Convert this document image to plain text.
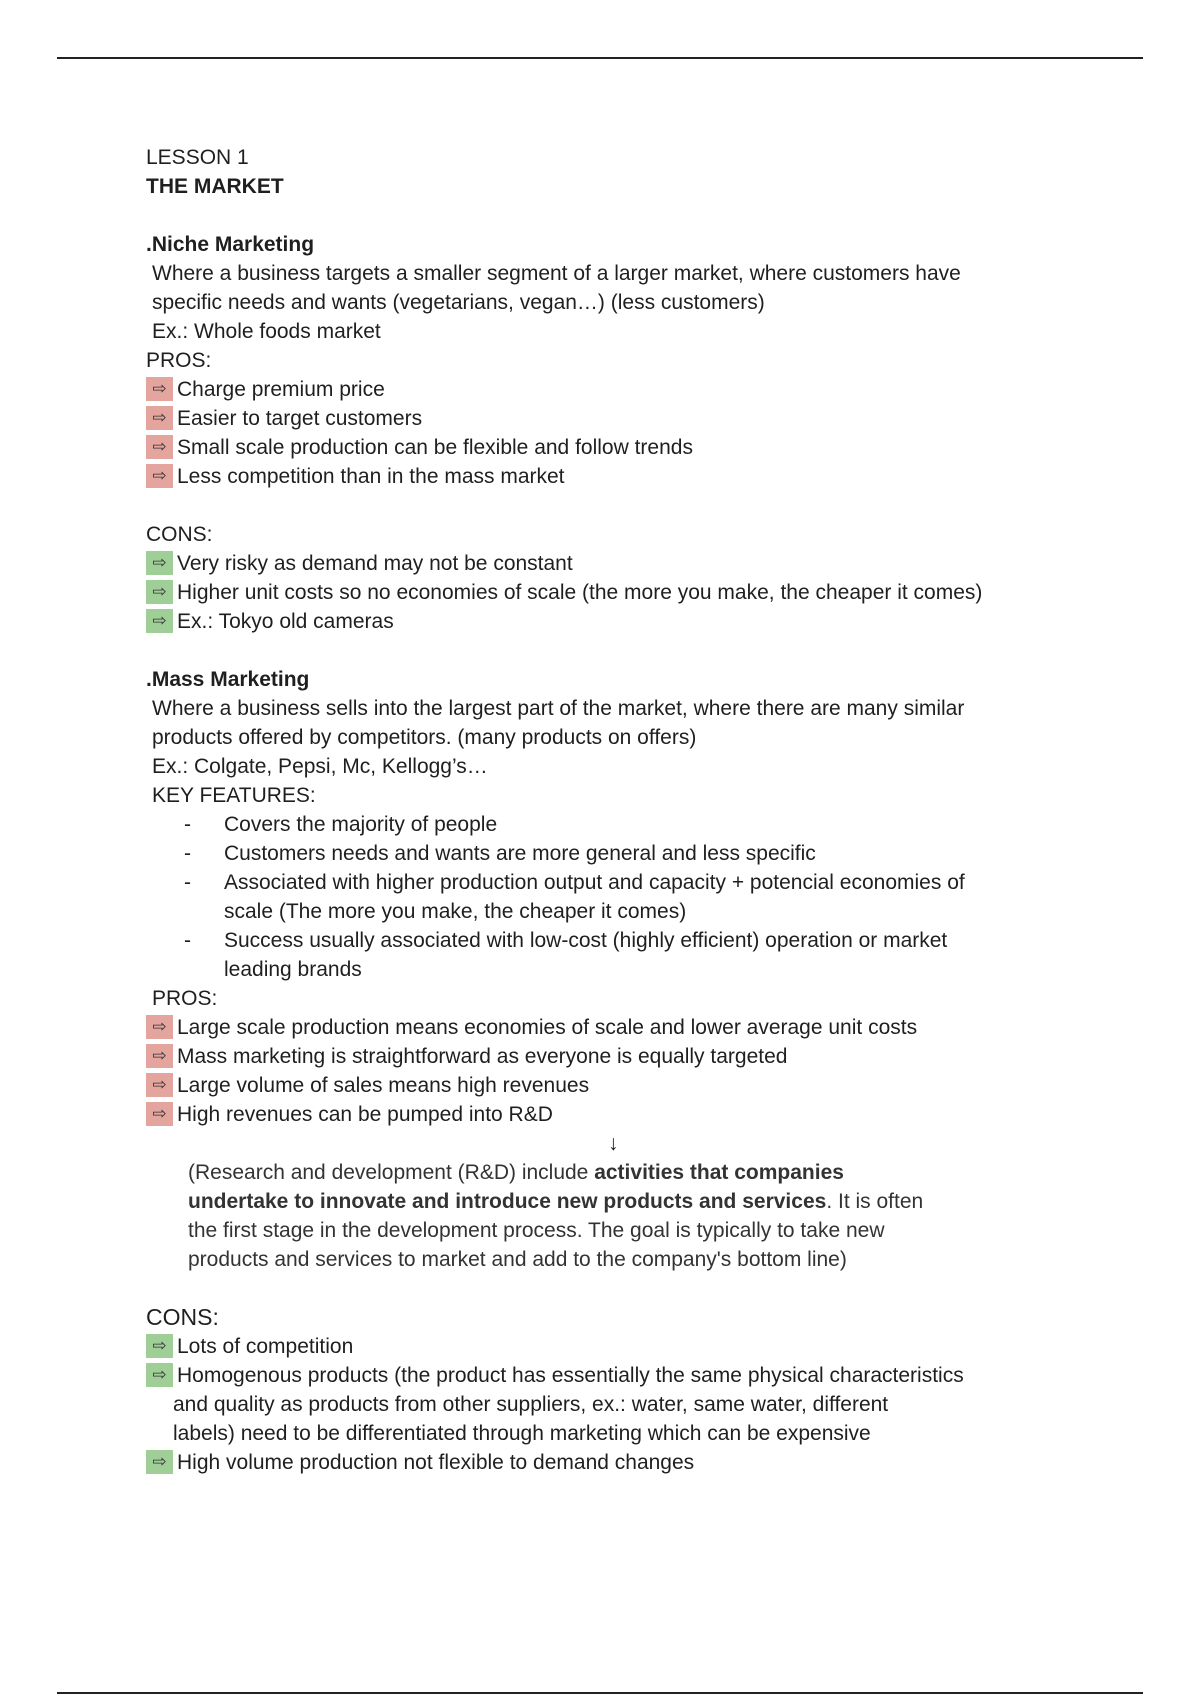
LESSON 1
THE MARKET
.Niche Marketing
Where a business targets a smaller segment of a larger market, where customers have
specific needs and wants (vegetarians, vegan…) (less customers)
Ex.: Whole foods market
PROS:
⇨ Charge premium price
⇨ Easier to target customers
⇨ Small scale production can be flexible and follow trends
⇨ Less competition than in the mass market
CONS:
⇨ Very risky as demand may not be constant
⇨ Higher unit costs so no economies of scale (the more you make, the cheaper it comes)
⇨ Ex.: Tokyo old cameras
.Mass Marketing
Where a business sells into the largest part of the market, where there are many similar
products offered by competitors. (many products on offers)
Ex.: Colgate, Pepsi, Mc, Kellogg’s…
KEY FEATURES:
-	Covers the majority of people
-	Customers needs and wants are more general and less specific
-	Associated with higher production output and capacity + potencial economies of
scale (The more you make, the cheaper it comes)
-	Success usually associated with low-cost (highly efficient) operation or market
leading brands
PROS:
⇨ Large scale production means economies of scale and lower average unit costs
⇨ Mass marketing is straightforward as everyone is equally targeted
⇨ Large volume of sales means high revenues
⇨ High revenues can be pumped into R&D
↓
(Research and development (R&D) include activities that companies
undertake to innovate and introduce new products and services. It is often
the first stage in the development process. The goal is typically to take new
products and services to market and add to the company's bottom line)
CONS:
⇨ Lots of competition
⇨ Homogenous products (the product has essentially the same physical characteristics
and quality as products from other suppliers, ex.: water, same water, different
labels) need to be differentiated through marketing which can be expensive
⇨ High volume production not flexible to demand changes
